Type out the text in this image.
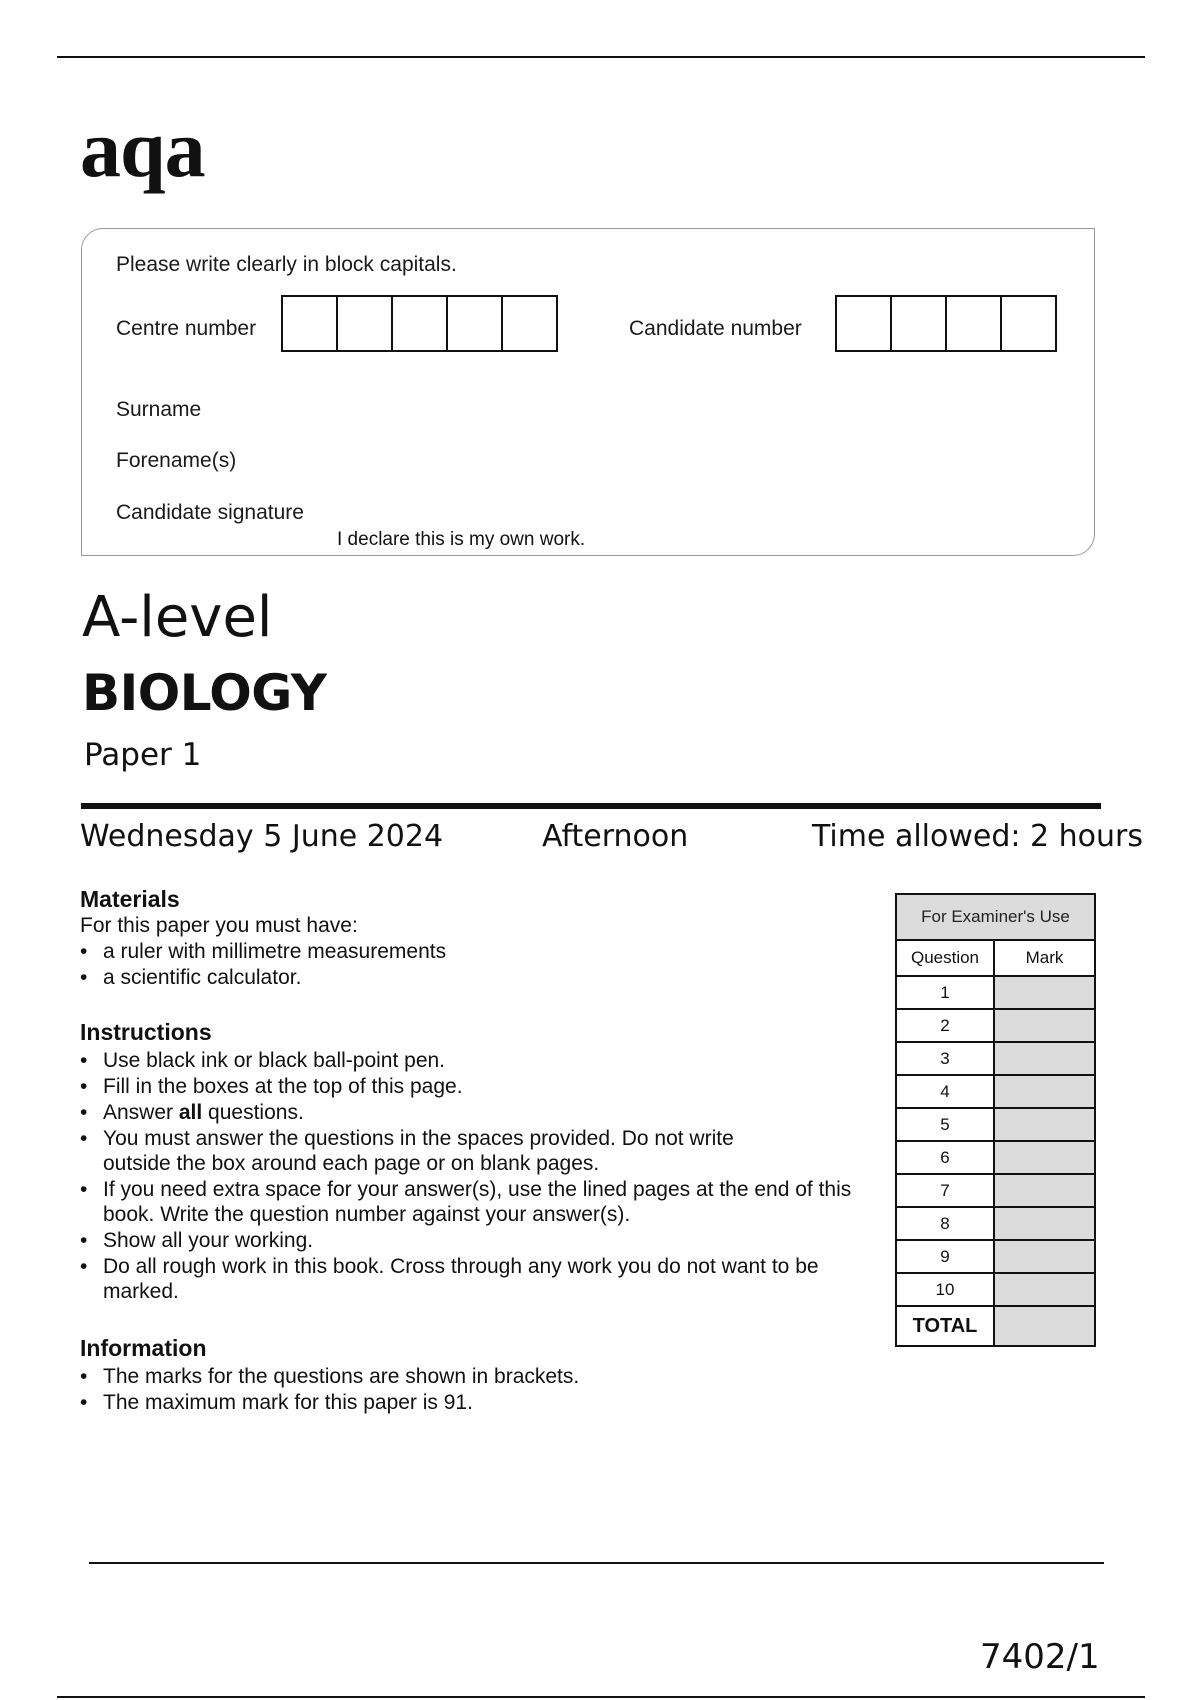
aqa
Please write clearly in block capitals.
Centre number	Candidate number
Surname
Forename(s)
Candidate signature
I declare this is my own work.
A-level
BIOLOGY
Paper 1
Wednesday 5 June 2024	Afternoon	Time allowed: 2 hours
Materials
For this paper you must have:
• a ruler with millimetre measurements
• a scientific calculator.
Instructions
• Use black ink or black ball-point pen.
• Fill in the boxes at the top of this page.
• Answer all questions.
• You must answer the questions in the spaces provided. Do not write outside the box around each page or on blank pages.
• If you need extra space for your answer(s), use the lined pages at the end of this book. Write the question number against your answer(s).
• Show all your working.
• Do all rough work in this book. Cross through any work you do not want to be marked.
Information
• The marks for the questions are shown in brackets.
• The maximum mark for this paper is 91.
For Examiner's Use	
Question	Mark
1	
2	
3	
4	
5	
6	
7	
8	
9	
10	
TOTAL	
7402/1
